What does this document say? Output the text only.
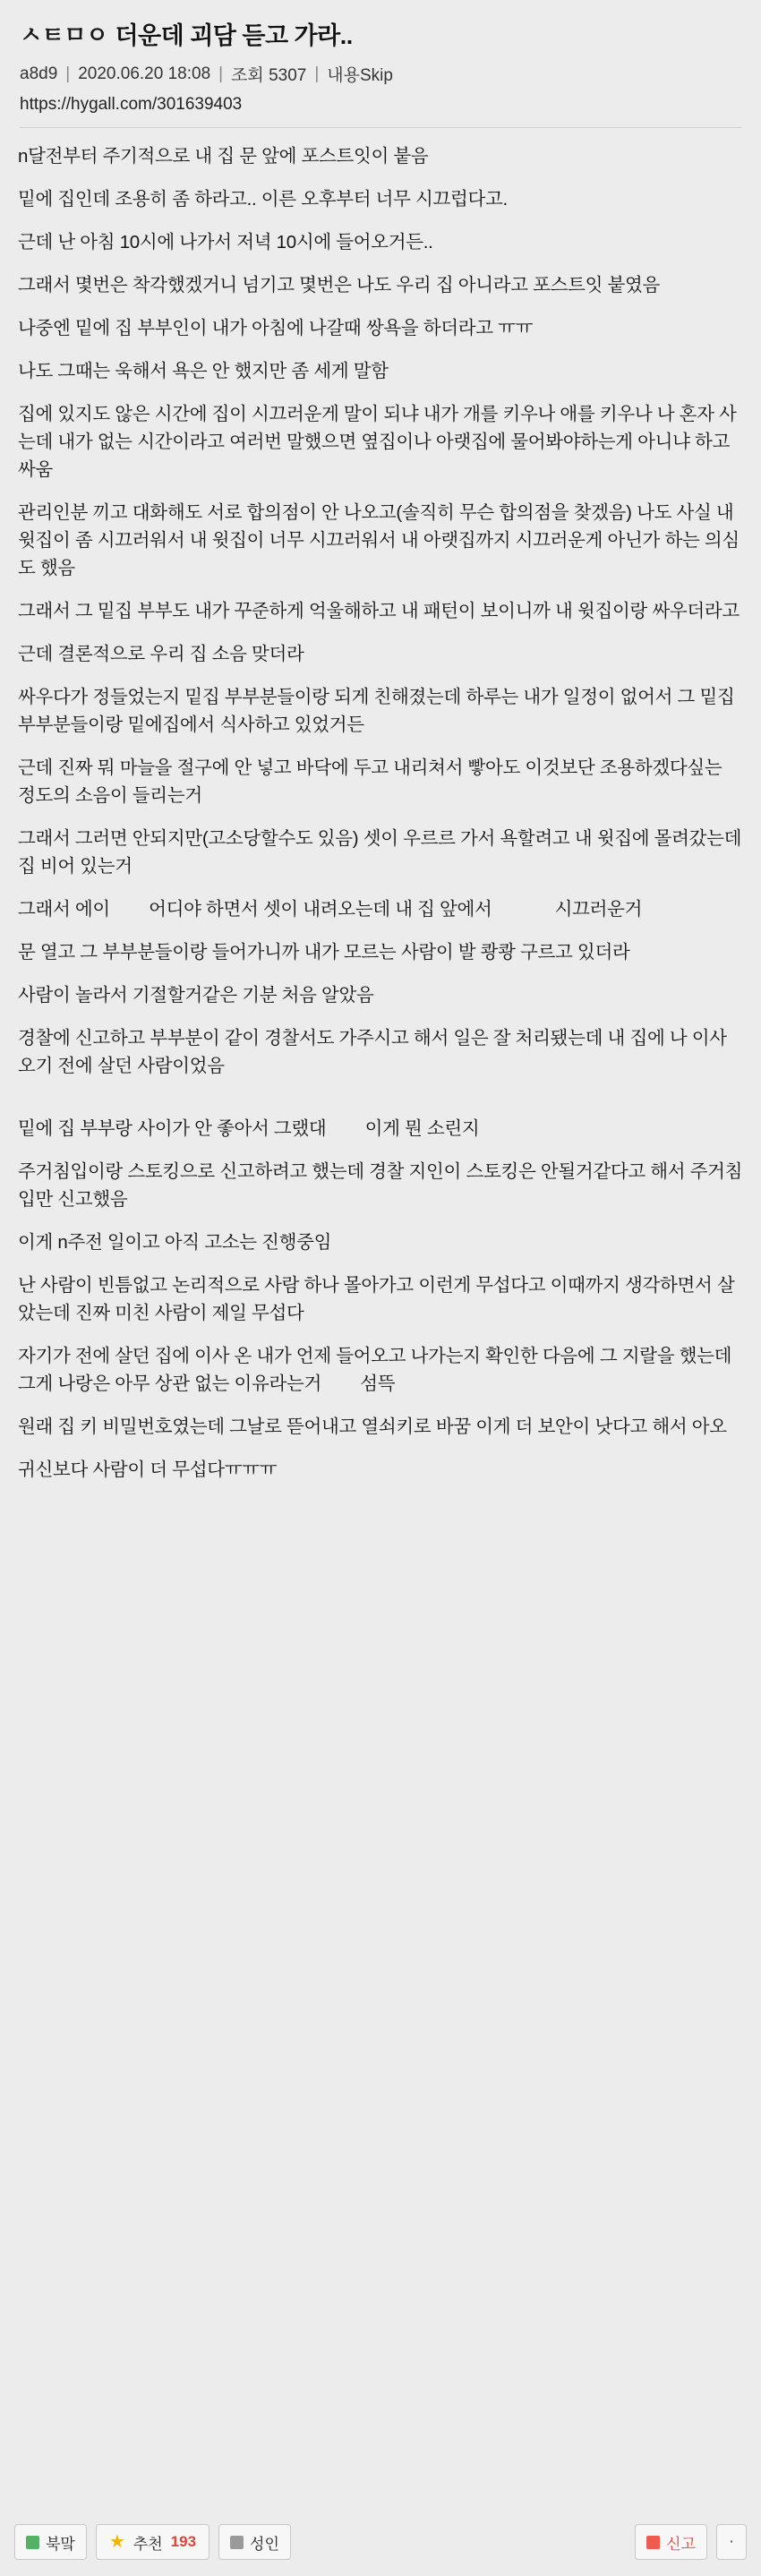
ㅅㅌㅁㅇ 더운데 괴담 듣고 가라..
a8d9 | 2020.06.20 18:08 | 조회 5307 | 내용Skip
https://hygall.com/301639403

n달전부터 주기적으로 내 집 문 앞에 포스트잇이 붙음

밑에 집인데 조용히 좀 하라고.. 이른 오후부터 너무 시끄럽다고.

근데 난 아침 10시에 나가서 저녁 10시에 들어오거든..

그래서 몇번은 착각했겠거니 넘기고 몇번은 나도 우리 집 아니라고 포스트잇 붙였음

나중엔 밑에 집 부부인이 내가 아침에 나갈때 쌍욕을 하더라고 ㅠㅠ

나도 그때는 욱해서 욕은 안 했지만 좀 세게 말함

집에 있지도 않은 시간에 집이 시끄러운게 말이 되냐 내가 개를 키우나 애를 키우나 나 혼자 사는데 내가 없는 시간이라고 여러번 말했으면 옆집이나 아랫집에 물어봐야하는게 아니냐 하고 싸움

관리인분 끼고 대화해도 서로 합의점이 안 나오고(솔직히 무슨 합의점을 찾겠음) 나도 사실 내 윗집이 좀 시끄러워서 내 윗집이 너무 시끄러워서 내 아랫집까지 시끄러운게 아닌가 하는 의심도 했음

그래서 그 밑집 부부도 내가 꾸준하게 억울해하고 내 패턴이 보이니까 내 윗집이랑 싸우더라고

근데 결론적으로 우리 집 소음 맞더라

싸우다가 정들었는지 밑집 부부분들이랑 되게 친해졌는데 하루는 내가 일정이 없어서 그 밑집 부부분들이랑 밑에집에서 식사하고 있었거든

근데 진짜 뭐 마늘을 절구에 안 넣고 바닥에 두고 내리쳐서 빻아도 이것보단 조용하겠다싶는 정도의 소음이 들리는거

그래서 그러면 안되지만(고소당할수도 있음) 셋이 우르르 가서 욕할려고 내 윗집에 몰려갔는데 집 비어 있는거

그래서 에이        어디야 하면서 셋이 내려오는데 내 집 앞에서             시끄러운거

문 열고 그 부부분들이랑 들어가니까 내가 모르는 사람이 발 쾅쾅 구르고 있더라

사람이 놀라서 기절할거같은 기분 처음 알았음

경찰에 신고하고 부부분이 같이 경찰서도 가주시고 해서 일은 잘 처리됐는데 내 집에 나 이사 오기 전에 살던 사람이었음

밑에 집 부부랑 사이가 안 좋아서 그랬대        이게 뭔 소린지

주거침입이랑 스토킹으로 신고하려고 했는데 경찰 지인이 스토킹은 안될거같다고 해서 주거침입만 신고했음

이게 n주전 일이고 아직 고소는 진행중임

난 사람이 빈틈없고 논리적으로 사람 하나 몰아가고 이런게 무섭다고 이때까지 생각하면서 살았는데 진짜 미친 사람이 제일 무섭다

자기가 전에 살던 집에 이사 온 내가 언제 들어오고 나가는지 확인한 다음에 그 지랄을 했는데 그게 나랑은 아무 상관 없는 이유라는거        섬뜩

원래 집 키 비밀번호였는데 그날로 뜯어내고 열쇠키로 바꿈 이게 더 보안이 낫다고 해서 아오

귀신보다 사람이 더 무섭다ㅠㅠㅠ

북맠 ★ 추천 193	성인	신고 ·
